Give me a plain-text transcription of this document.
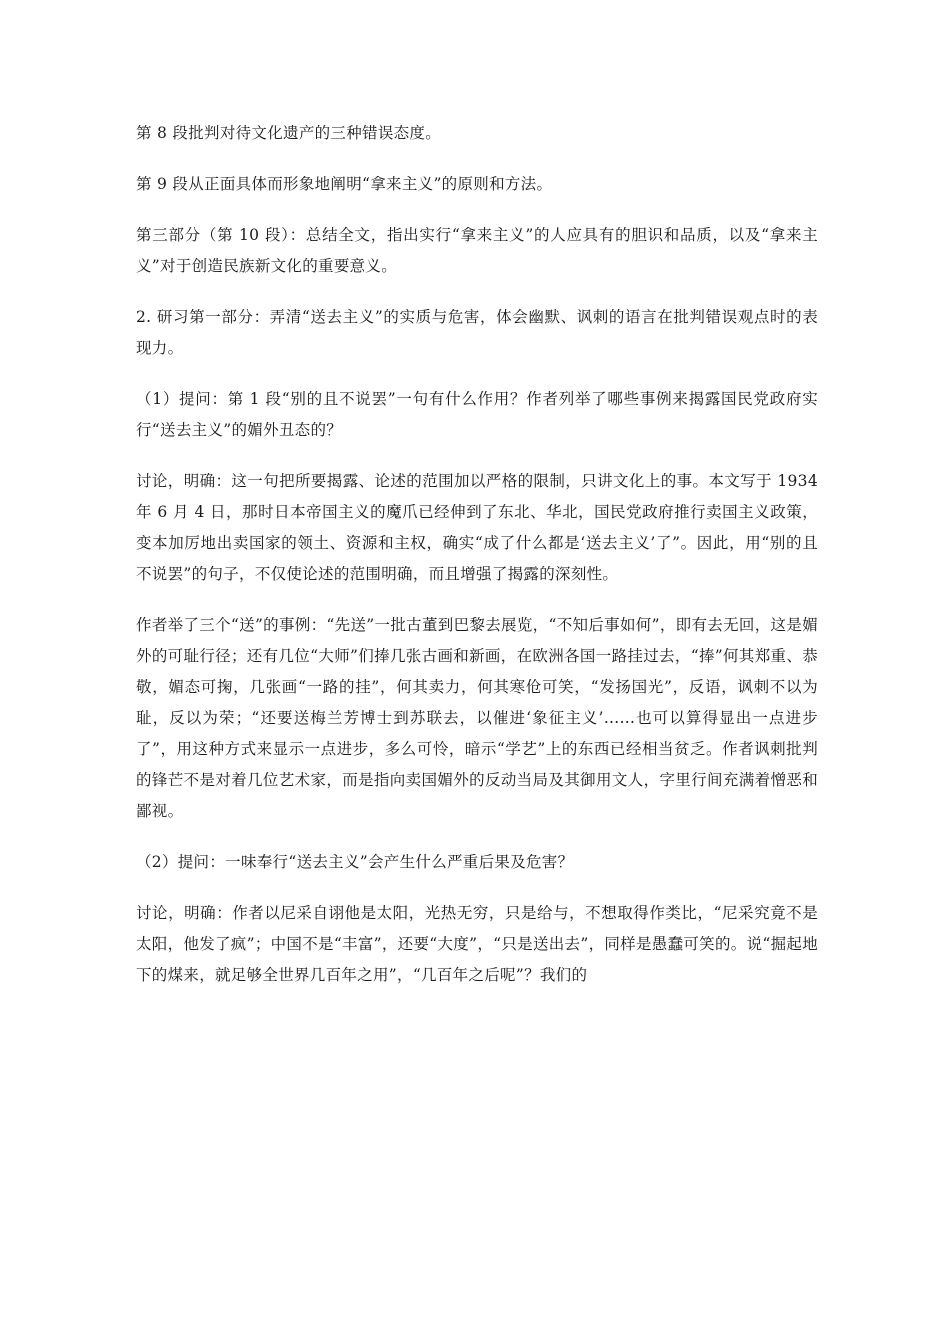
第 8 段批判对待文化遗产的三种错误态度。

第 9 段从正面具体而形象地阐明“拿来主义”的原则和方法。

第三部分（第 10 段）：总结全文，指出实行“拿来主义”的人应具有的胆识和品质，以及“拿来主义”对于创造民族新文化的重要意义。

2. 研习第一部分：弄清“送去主义”的实质与危害，体会幽默、讽刺的语言在批判错误观点时的表现力。

（1）提问：第 1 段“别的且不说罢”一句有什么作用？作者列举了哪些事例来揭露国民党政府实行“送去主义”的媚外丑态的？

讨论，明确：这一句把所要揭露、论述的范围加以严格的限制，只讲文化上的事。本文写于 1934 年 6 月 4 日，那时日本帝国主义的魔爪已经伸到了东北、华北，国民党政府推行卖国主义政策，变本加厉地出卖国家的领土、资源和主权，确实“成了什么都是‘送去主义’了”。因此，用“别的且不说罢”的句子，不仅使论述的范围明确，而且增强了揭露的深刻性。

作者举了三个“送”的事例：“先送”一批古董到巴黎去展览，“不知后事如何”，即有去无回，这是媚外的可耻行径；还有几位“大师”们捧几张古画和新画，在欧洲各国一路挂过去，“捧”何其郑重、恭敬，媚态可掬，几张画“一路的挂”，何其卖力，何其寒伧可笑，“发扬国光”，反语，讽刺不以为耻，反以为荣；“还要送梅兰芳博士到苏联去，以催进‘象征主义’……也可以算得显出一点进步了”，用这种方式来显示一点进步，多么可怜，暗示“学艺”上的东西已经相当贫乏。作者讽刺批判的锋芒不是对着几位艺术家，而是指向卖国媚外的反动当局及其御用文人，字里行间充满着憎恶和鄙视。

（2）提问：一味奉行“送去主义”会产生什么严重后果及危害？

讨论，明确：作者以尼采自诩他是太阳，光热无穷，只是给与，不想取得作类比，“尼采究竟不是太阳，他发了疯”；中国不是“丰富”，还要“大度”，“只是送出去”，同样是愚蠢可笑的。说“掘起地下的煤来，就足够全世界几百年之用”，“几百年之后呢”？我们的
